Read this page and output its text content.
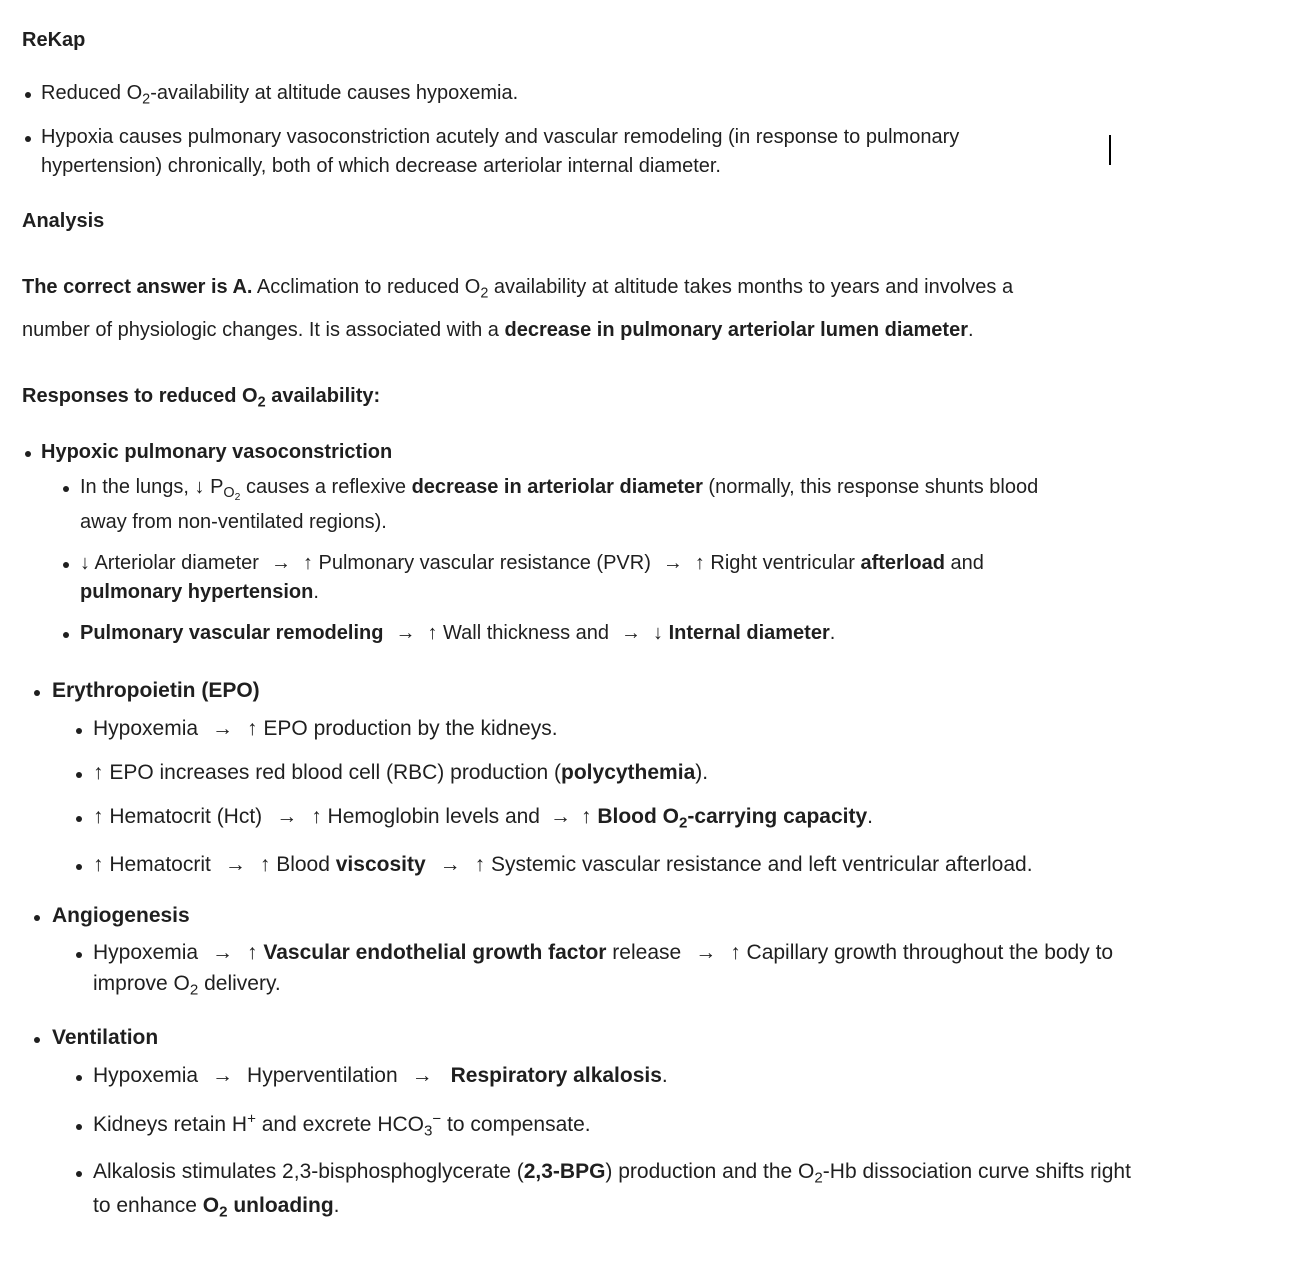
ReKap
Reduced $O_2$-availability at altitude causes hypoxemia.
Hypoxia causes pulmonary vasoconstriction acutely and vascular remodeling (in response to pulmonary
hypertension) chronically, both of which decrease arteriolar internal diameter.
Analysis
The correct answer is A. Acclimation to reduced $O_2$ availability at altitude takes months to years and involves a
number of physiologic changes. It is associated with a decrease in pulmonary arteriolar lumen diameter.
Responses to reduced $O_2$ availability:
Hypoxic pulmonary vasoconstriction
In the lungs, ↓ $P_{O_2}$ causes a reflexive decrease in arteriolar diameter (normally, this response shunts blood
away from non-ventilated regions).
↓ Arteriolar diameter → ↑ Pulmonary vascular resistance (PVR) → ↑ Right ventricular afterload and
pulmonary hypertension.
Pulmonary vascular remodeling → ↑ Wall thickness and → ↓ Internal diameter.
Erythropoietin (EPO)
Hypoxemia → ↑ EPO production by the kidneys.
↑ EPO increases red blood cell (RBC) production (polycythemia).
↑ Hematocrit (Hct) → ↑ Hemoglobin levels and → ↑ Blood $O_2$-carrying capacity.
↑ Hematocrit → ↑ Blood viscosity → ↑ Systemic vascular resistance and left ventricular afterload.
Angiogenesis
Hypoxemia → ↑ Vascular endothelial growth factor release → ↑ Capillary growth throughout the body to
improve $O_2$ delivery.
Ventilation
Hypoxemia → Hyperventilation → Respiratory alkalosis.
Kidneys retain H+ and excrete $HCO_3^-$ to compensate.
Alkalosis stimulates 2,3-bisphosphoglycerate (2,3-BPG) production and the $O_2-Hb$ dissociation curve shifts right
to enhance $O_2$ unloading.
